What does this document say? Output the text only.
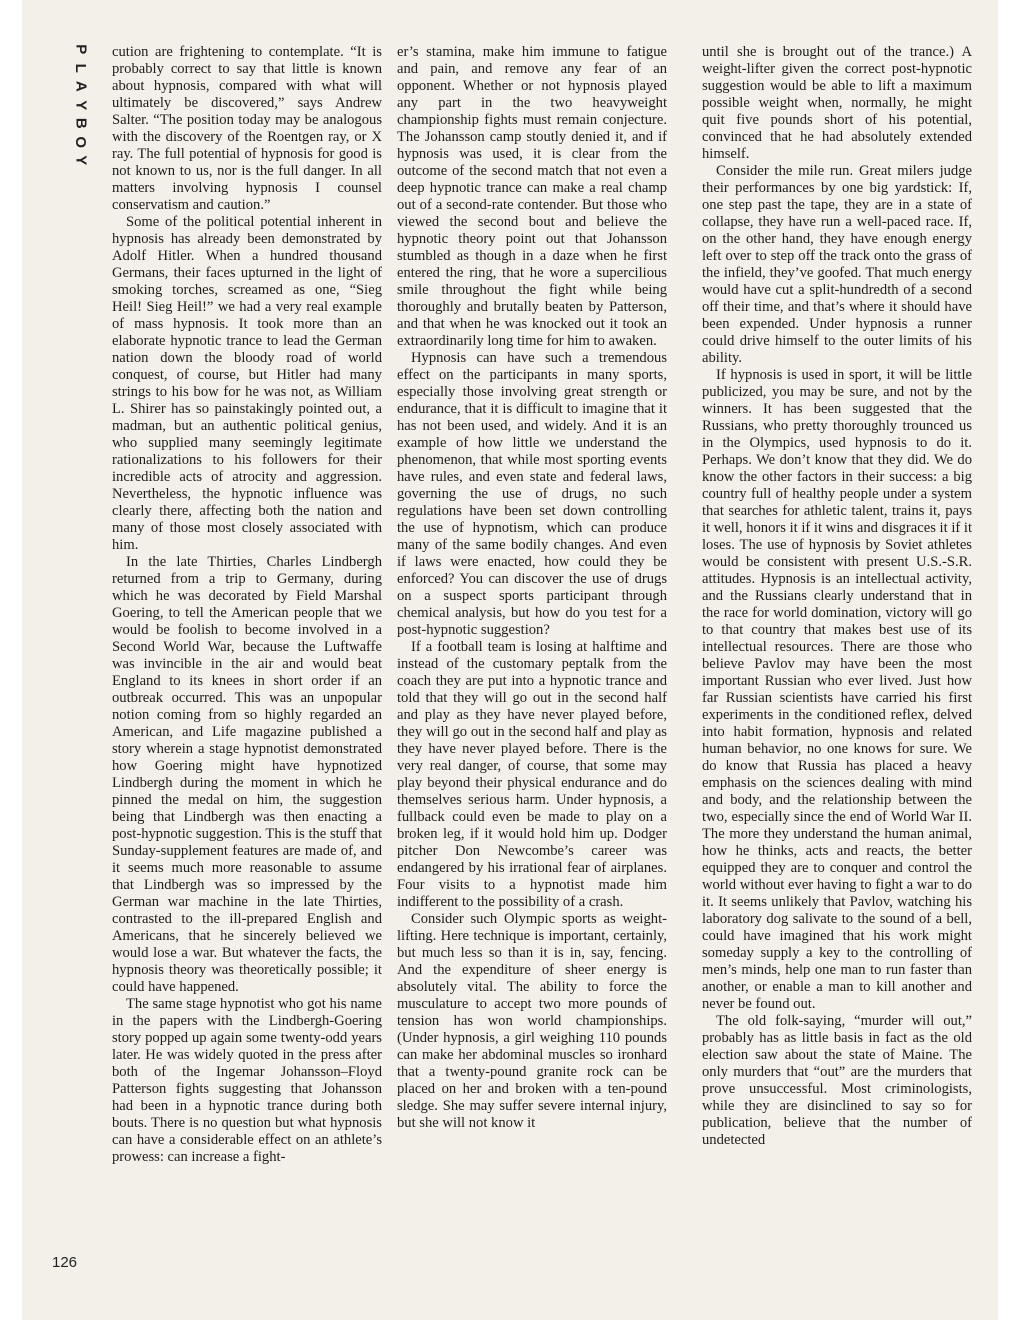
P
L
A
Y
B
O
Y
126

cution are frightening to contemplate. “It is probably correct to say that little is known about hypnosis, compared with what will ultimately be discovered,” says Andrew Salter. “The position today may be analogous with the discovery of the Roentgen ray, or X ray. The full potential of hypnosis for good is not known to us, nor is the full danger. In all matters involving hypnosis I counsel conservatism and caution.”

Some of the political potential inherent in hypnosis has already been demonstrated by Adolf Hitler. When a hundred thousand Germans, their faces upturned in the light of smoking torches, screamed as one, “Sieg Heil! Sieg Heil!” we had a very real example of mass hypnosis. It took more than an elaborate hypnotic trance to lead the German nation down the bloody road of world conquest, of course, but Hitler had many strings to his bow for he was not, as William L. Shirer has so painstakingly pointed out, a madman, but an authentic political genius, who supplied many seemingly legitimate rationalizations to his followers for their incredible acts of atrocity and aggression. Nevertheless, the hypnotic influence was clearly there, affecting both the nation and many of those most closely associated with him.

In the late Thirties, Charles Lindbergh returned from a trip to Germany, during which he was decorated by Field Marshal Goering, to tell the American people that we would be foolish to become involved in a Second World War, because the Luftwaffe was invincible in the air and would beat England to its knees in short order if an outbreak occurred. This was an unpopular notion coming from so highly regarded an American, and Life magazine published a story wherein a stage hypnotist demonstrated how Goering might have hypnotized Lindbergh during the moment in which he pinned the medal on him, the suggestion being that Lindbergh was then enacting a post-hypnotic suggestion. This is the stuff that Sunday-supplement features are made of, and it seems much more reasonable to assume that Lindbergh was so impressed by the German war machine in the late Thirties, contrasted to the ill-prepared English and Americans, that he sincerely believed we would lose a war. But whatever the facts, the hypnosis theory was theoretically possible; it could have happened.

The same stage hypnotist who got his name in the papers with the Lindbergh-Goering story popped up again some twenty-odd years later. He was widely quoted in the press after both of the Ingemar Johansson–Floyd Patterson fights suggesting that Johansson had been in a hypnotic trance during both bouts. There is no question but what hypnosis can have a considerable effect on an athlete’s prowess: can increase a fight-

er’s stamina, make him immune to fatigue and pain, and remove any fear of an opponent. Whether or not hypnosis played any part in the two heavyweight championship fights must remain conjecture. The Johansson camp stoutly denied it, and if hypnosis was used, it is clear from the outcome of the second match that not even a deep hypnotic trance can make a real champ out of a second-rate contender. But those who viewed the second bout and believe the hypnotic theory point out that Johansson stumbled as though in a daze when he first entered the ring, that he wore a supercilious smile throughout the fight while being thoroughly and brutally beaten by Patterson, and that when he was knocked out it took an extraordinarily long time for him to awaken.

Hypnosis can have such a tremendous effect on the participants in many sports, especially those involving great strength or endurance, that it is difficult to imagine that it has not been used, and widely. And it is an example of how little we understand the phenomenon, that while most sporting events have rules, and even state and federal laws, governing the use of drugs, no such regulations have been set down controlling the use of hypnotism, which can produce many of the same bodily changes. And even if laws were enacted, how could they be enforced? You can discover the use of drugs on a suspect sports participant through chemical analysis, but how do you test for a post-hypnotic suggestion?

If a football team is losing at halftime and instead of the customary peptalk from the coach they are put into a hypnotic trance and told that they will go out in the second half and play as they have never played before, they will go out in the second half and play as they have never played before. There is the very real danger, of course, that some may play beyond their physical endurance and do themselves serious harm. Under hypnosis, a fullback could even be made to play on a broken leg, if it would hold him up. Dodger pitcher Don Newcombe’s career was endangered by his irrational fear of airplanes. Four visits to a hypnotist made him indifferent to the possibility of a crash.

Consider such Olympic sports as weight-lifting. Here technique is important, certainly, but much less so than it is in, say, fencing. And the expenditure of sheer energy is absolutely vital. The ability to force the musculature to accept two more pounds of tension has won world championships. (Under hypnosis, a girl weighing 110 pounds can make her abdominal muscles so ironhard that a twenty-pound granite rock can be placed on her and broken with a ten-pound sledge. She may suffer severe internal injury, but she will not know it

until she is brought out of the trance.) A weight-lifter given the correct post-hypnotic suggestion would be able to lift a maximum possible weight when, normally, he might quit five pounds short of his potential, convinced that he had absolutely extended himself.

Consider the mile run. Great milers judge their performances by one big yardstick: If, one step past the tape, they are in a state of collapse, they have run a well-paced race. If, on the other hand, they have enough energy left over to step off the track onto the grass of the infield, they’ve goofed. That much energy would have cut a split-hundredth of a second off their time, and that’s where it should have been expended. Under hypnosis a runner could drive himself to the outer limits of his ability.

If hypnosis is used in sport, it will be little publicized, you may be sure, and not by the winners. It has been suggested that the Russians, who pretty thoroughly trounced us in the Olympics, used hypnosis to do it. Perhaps. We don’t know that they did. We do know the other factors in their success: a big country full of healthy people under a system that searches for athletic talent, trains it, pays it well, honors it if it wins and disgraces it if it loses. The use of hypnosis by Soviet athletes would be consistent with present U.S.-S.R. attitudes. Hypnosis is an intellectual activity, and the Russians clearly understand that in the race for world domination, victory will go to that country that makes best use of its intellectual resources. There are those who believe Pavlov may have been the most important Russian who ever lived. Just how far Russian scientists have carried his first experiments in the conditioned reflex, delved into habit formation, hypnosis and related human behavior, no one knows for sure. We do know that Russia has placed a heavy emphasis on the sciences dealing with mind and body, and the relationship between the two, especially since the end of World War II. The more they understand the human animal, how he thinks, acts and reacts, the better equipped they are to conquer and control the world without ever having to fight a war to do it. It seems unlikely that Pavlov, watching his laboratory dog salivate to the sound of a bell, could have imagined that his work might someday supply a key to the controlling of men’s minds, help one man to run faster than another, or enable a man to kill another and never be found out.

The old folk-saying, “murder will out,” probably has as little basis in fact as the old election saw about the state of Maine. The only murders that “out” are the murders that prove unsuccessful. Most criminologists, while they are disinclined to say so for publication, believe that the number of undetected
